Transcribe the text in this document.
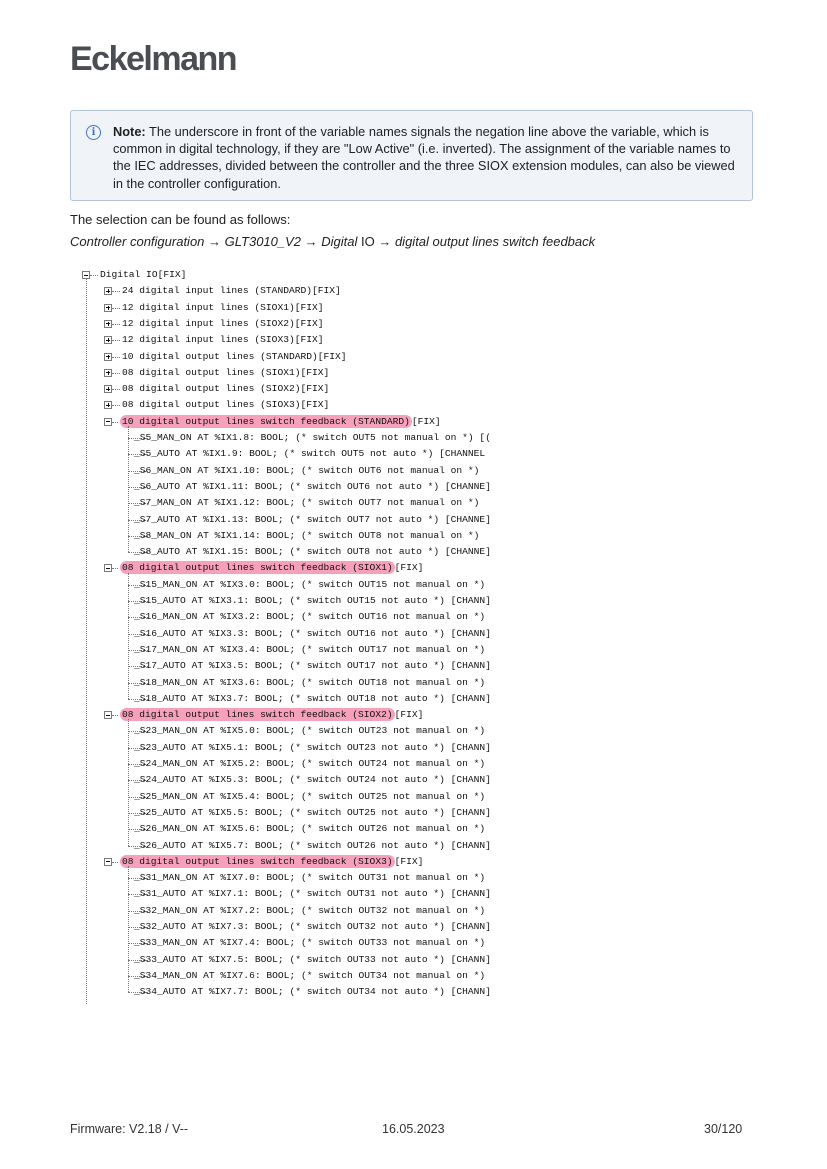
Eckelmann
i	Note: The underscore in front of the variable names signals the negation line above the variable, which is common in digital technology, if they are "Low Active" (i.e. inverted). The assignment of the variable names to the IEC addresses, divided between the controller and the three SIOX extension modules, can also be viewed in the controller configuration.
The selection can be found as follows:
Controller configuration → GLT3010_V2 → Digital IO → digital output lines switch feedback
Digital IO[FIX]
24 digital input lines (STANDARD)[FIX]
12 digital input lines (SIOX1)[FIX]
12 digital input lines (SIOX2)[FIX]
12 digital input lines (SIOX3)[FIX]
10 digital output lines (STANDARD)[FIX]
08 digital output lines (SIOX1)[FIX]
08 digital output lines (SIOX2)[FIX]
08 digital output lines (SIOX3)[FIX]
10 digital output lines switch feedback (STANDARD) [FIX]
_S5_MAN_ON AT %IX1.8: BOOL; (* switch OUT5 not manual on *) [(
_S5_AUTO AT %IX1.9: BOOL; (* switch OUT5 not auto *) [CHANNEL
_S6_MAN_ON AT %IX1.10: BOOL; (* switch OUT6 not manual on *)
_S6_AUTO AT %IX1.11: BOOL; (* switch OUT6 not auto *) [CHANNE]
_S7_MAN_ON AT %IX1.12: BOOL; (* switch OUT7 not manual on *)
_S7_AUTO AT %IX1.13: BOOL; (* switch OUT7 not auto *) [CHANNE]
_S8_MAN_ON AT %IX1.14: BOOL; (* switch OUT8 not manual on *)
_S8_AUTO AT %IX1.15: BOOL; (* switch OUT8 not auto *) [CHANNE]
08 digital output lines switch feedback (SIOX1) [FIX]
_S15_MAN_ON AT %IX3.0: BOOL; (* switch OUT15 not manual on *)
_S15_AUTO AT %IX3.1: BOOL; (* switch OUT15 not auto *) [CHANN]
_S16_MAN_ON AT %IX3.2: BOOL; (* switch OUT16 not manual on *)
_S16_AUTO AT %IX3.3: BOOL; (* switch OUT16 not auto *) [CHANN]
_S17_MAN_ON AT %IX3.4: BOOL; (* switch OUT17 not manual on *)
_S17_AUTO AT %IX3.5: BOOL; (* switch OUT17 not auto *) [CHANN]
_S18_MAN_ON AT %IX3.6: BOOL; (* switch OUT18 not manual on *)
_S18_AUTO AT %IX3.7: BOOL; (* switch OUT18 not auto *) [CHANN]
08 digital output lines switch feedback (SIOX2) [FIX]
_S23_MAN_ON AT %IX5.0: BOOL; (* switch OUT23 not manual on *)
_S23_AUTO AT %IX5.1: BOOL; (* switch OUT23 not auto *) [CHANN]
_S24_MAN_ON AT %IX5.2: BOOL; (* switch OUT24 not manual on *)
_S24_AUTO AT %IX5.3: BOOL; (* switch OUT24 not auto *) [CHANN]
_S25_MAN_ON AT %IX5.4: BOOL; (* switch OUT25 not manual on *)
_S25_AUTO AT %IX5.5: BOOL; (* switch OUT25 not auto *) [CHANN]
_S26_MAN_ON AT %IX5.6: BOOL; (* switch OUT26 not manual on *)
_S26_AUTO AT %IX5.7: BOOL; (* switch OUT26 not auto *) [CHANN]
08 digital output lines switch feedback (SIOX3) [FIX]
_S31_MAN_ON AT %IX7.0: BOOL; (* switch OUT31 not manual on *)
_S31_AUTO AT %IX7.1: BOOL; (* switch OUT31 not auto *) [CHANN]
_S32_MAN_ON AT %IX7.2: BOOL; (* switch OUT32 not manual on *)
_S32_AUTO AT %IX7.3: BOOL; (* switch OUT32 not auto *) [CHANN]
_S33_MAN_ON AT %IX7.4: BOOL; (* switch OUT33 not manual on *)
_S33_AUTO AT %IX7.5: BOOL; (* switch OUT33 not auto *) [CHANN]
_S34_MAN_ON AT %IX7.6: BOOL; (* switch OUT34 not manual on *)
_S34_AUTO AT %IX7.7: BOOL; (* switch OUT34 not auto *) [CHANN]
Firmware: V2.18 / V--	16.05.2023	30/120
